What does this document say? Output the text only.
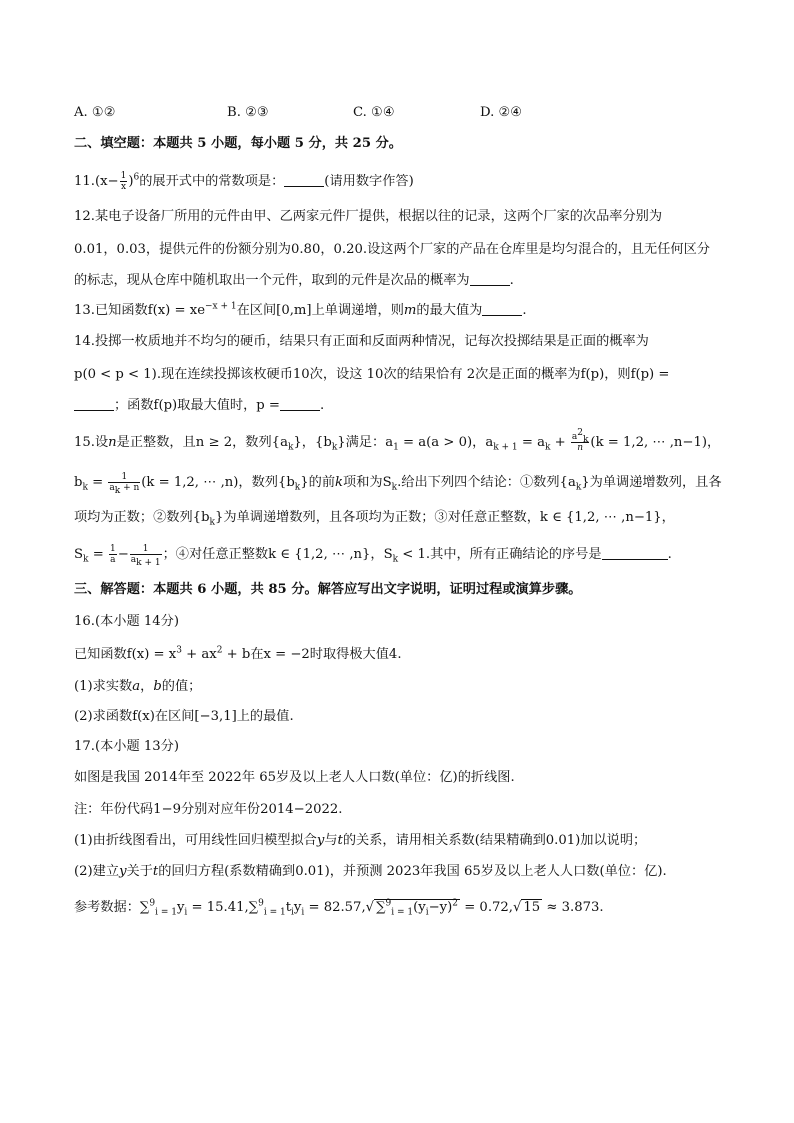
A. ①②	B. ②③	C. ①④	D. ②④
二、填空题：本题共 5 小题，每小题 5 分，共 25 分。
$11.(x- \frac{1}{x} )^6$的展开式中的常数项是：	(请用数字作答)
12.某电子设备厂所用的元件由甲、乙两家元件厂提供，根据以往的记录，这两个厂家的次品率分别为
0.01，0.03，提供元件的份额分别为0.80，0.20.设这两个厂家的产品在仓库里是均匀混合的，且无任何区分
的标志，现从仓库中随机取出一个元件，取到的元件是次品的概率为	.
13.已知函数$f(x) = xe^{-x + 1}$在区间[0,m]上单调递增，则m的最大值为	.
14.投掷一枚质地并不均匀的硬币，结果只有正面和反面两种情况，记每次投掷结果是正面的概率为
p(0 < p < 1).现在连续投掷该枚硬币10次，设这 10次的结果恰有 2次是正面的概率为f(p)，则f(p) =
；函数f(p)取最大值时，p =	.
15.设n是正整数，且n ≥ 2，数列$\{a_k\}$，$\{b_k\}$满足：$a_1 = a(a > 0)$，$a_{k + 1} = a_k + \frac{a^2_k}{n} (k = 1,2$, ⋯ ,n−1)，
$b_k = \frac{1}{a_k + n} (k = 1,2$, ⋯ ,n)，数列$\{b_k\}$的前k项和为$S_k$.给出下列四个结论：①数列$\{a_k\}$为单调递增数列，且各
项均为正数；②数列$\{b_k\}$为单调递增数列，且各项均为正数；③对任意正整数，k ∈ {1,2, ⋯ ,n−1}，
$S_k = \frac{1}{a} - \frac{1}{a_{k + 1}}$ ；④对任意正整数k ∈ {1,2, ⋯ ,n}，$S_k < 1$.其中，所有正确结论的序号是	.
三、解答题：本题共 6 小题，共 85 分。解答应写出文字说明，证明过程或演算步骤。
16.(本小题 14分)
已知函数$f(x) = x^3 + ax^2 + b$在x = −2时取得极大值4.
(1)求实数a，b的值；
(2)求函数f(x)在区间[−3,1]上的最值.
17.(本小题 13分)
如图是我国 2014年至 2022年 65岁及以上老人人口数(单位：亿)的折线图.
注：年份代码1−9分别对应年份2014−2022.
(1)由折线图看出，可用线性回归模型拟合y与t的关系，请用相关系数(结果精确到0.01)加以说明；
(2)建立y关于t的回归方程(系数精确到0.01)，并预测 2023年我国 65岁及以上老人人口数(单位：亿).
参考数据：$\sum^9_{i = 1}y_i = 15.41,\sum^9_{i = 1}t_iy_i = 82.57,√$ $\sum^9_{i = 1}(y_i-\overline{y})^2 = 0.72,√$ 15 ≈ 3.873.
